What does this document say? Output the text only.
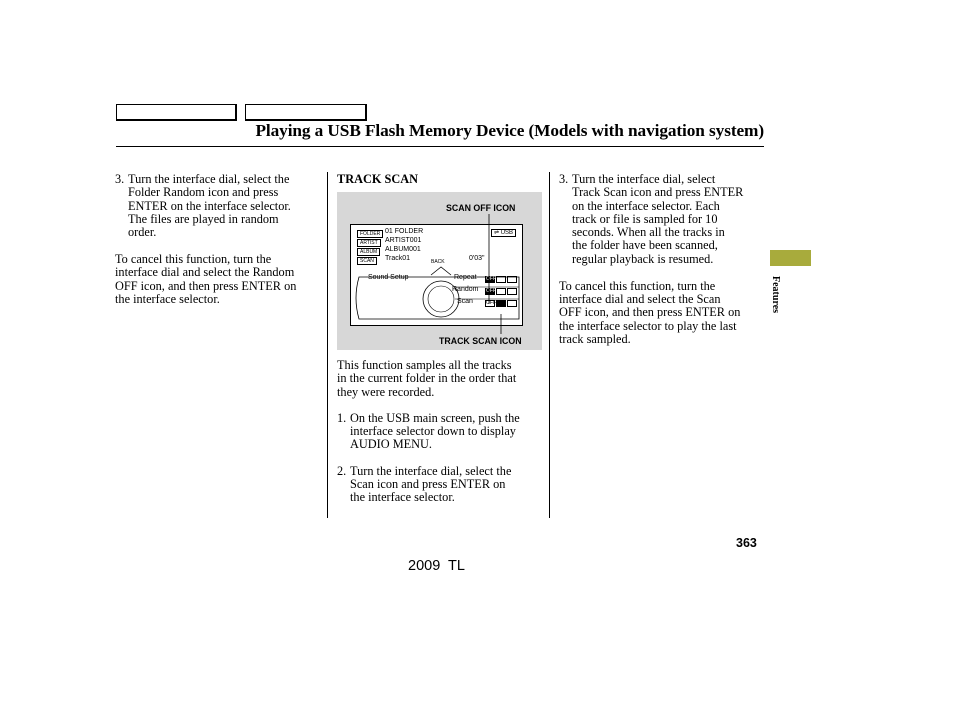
Playing a USB Flash Memory Device (Models with navigation system)
3. Turn the interface dial, select the

Folder Random icon and press

ENTER on the interface selector.

The files are played in random

order.

To cancel this function, turn the

interface dial and select the Random

OFF icon, and then press ENTER on

the interface selector.

TRACK SCAN
SCAN OFF ICON
TRACK SCAN ICON
FOLDER 01 FOLDER
ARTIST	ARTIST001
ALBUM	ALBUM001
SCAN	Track01
⇌ USB
0'03"
BACK
Sound Setup	Repeat
Random
Scan
OFF
OFF
OFF

This function samples all the tracks

in the current folder in the order that

they were recorded.

1. On the USB main screen, push the

interface selector down to display

AUDIO MENU.

2. Turn the interface dial, select the

Scan icon and press ENTER on

the interface selector.

3. Turn the interface dial, select

Track Scan icon and press ENTER

on the interface selector. Each

track or file is sampled for 10

seconds. When all the tracks in

the folder have been scanned,

regular playback is resumed.

To cancel this function, turn the

interface dial and select the Scan

OFF icon, and then press ENTER on

the interface selector to play the last

track sampled.

Features
363
2009  TL
